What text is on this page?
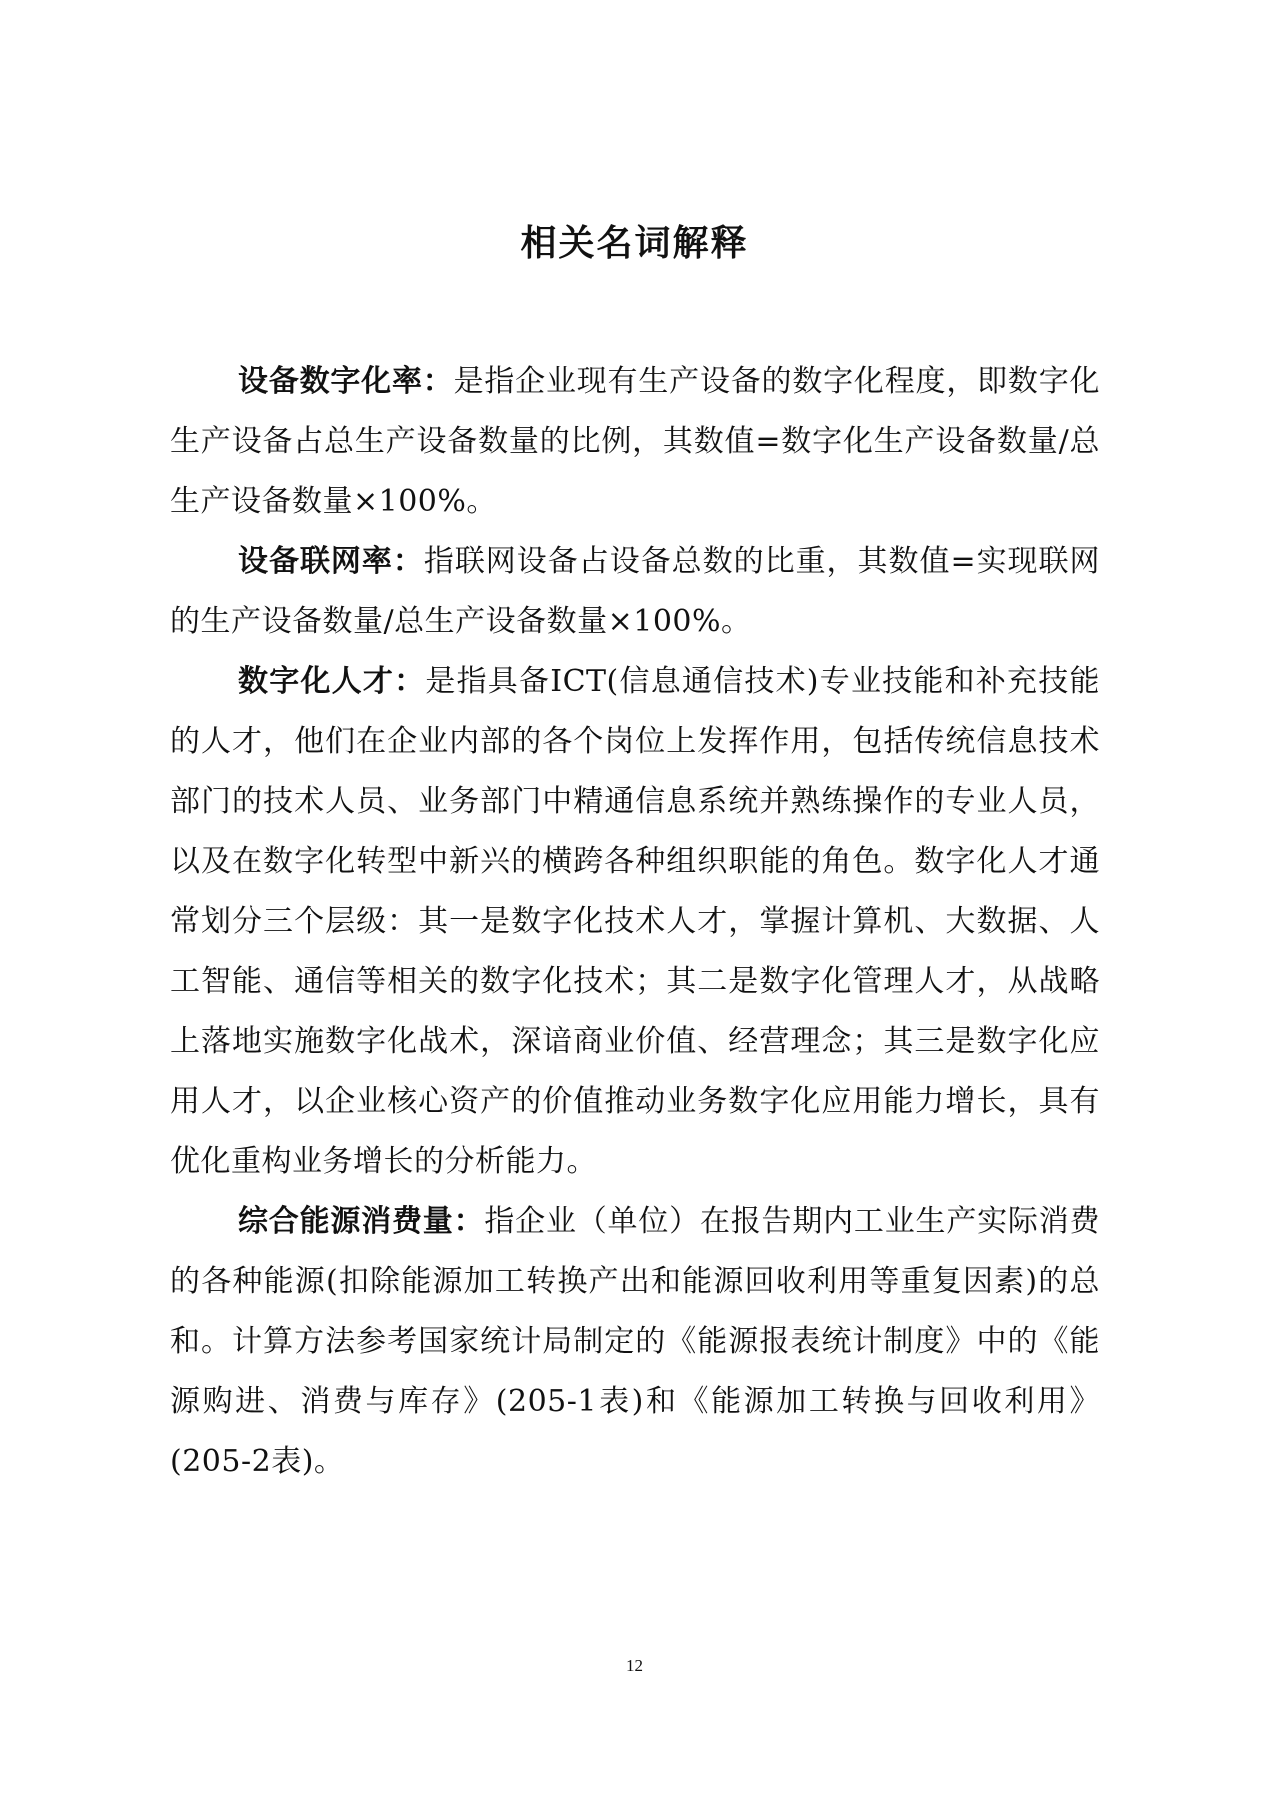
相关名词解释

设备数字化率：是指企业现有生产设备的数字化程度，即数字化生产设备占总生产设备数量的比例，其数值=数字化生产设备数量/总生产设备数量×100%。

设备联网率：指联网设备占设备总数的比重，其数值=实现联网的生产设备数量/总生产设备数量×100%。

数字化人才：是指具备ICT(信息通信技术)专业技能和补充技能的人才，他们在企业内部的各个岗位上发挥作用，包括传统信息技术部门的技术人员、业务部门中精通信息系统并熟练操作的专业人员，以及在数字化转型中新兴的横跨各种组织职能的角色。数字化人才通常划分三个层级：其一是数字化技术人才，掌握计算机、大数据、人工智能、通信等相关的数字化技术；其二是数字化管理人才，从战略上落地实施数字化战术，深谙商业价值、经营理念；其三是数字化应用人才，以企业核心资产的价值推动业务数字化应用能力增长，具有优化重构业务增长的分析能力。

综合能源消费量：指企业（单位）在报告期内工业生产实际消费的各种能源(扣除能源加工转换产出和能源回收利用等重复因素)的总和。计算方法参考国家统计局制定的《能源报表统计制度》中的《能源购进、消费与库存》(205-1表)和《能源加工转换与回收利用》(205-2表)。

12
